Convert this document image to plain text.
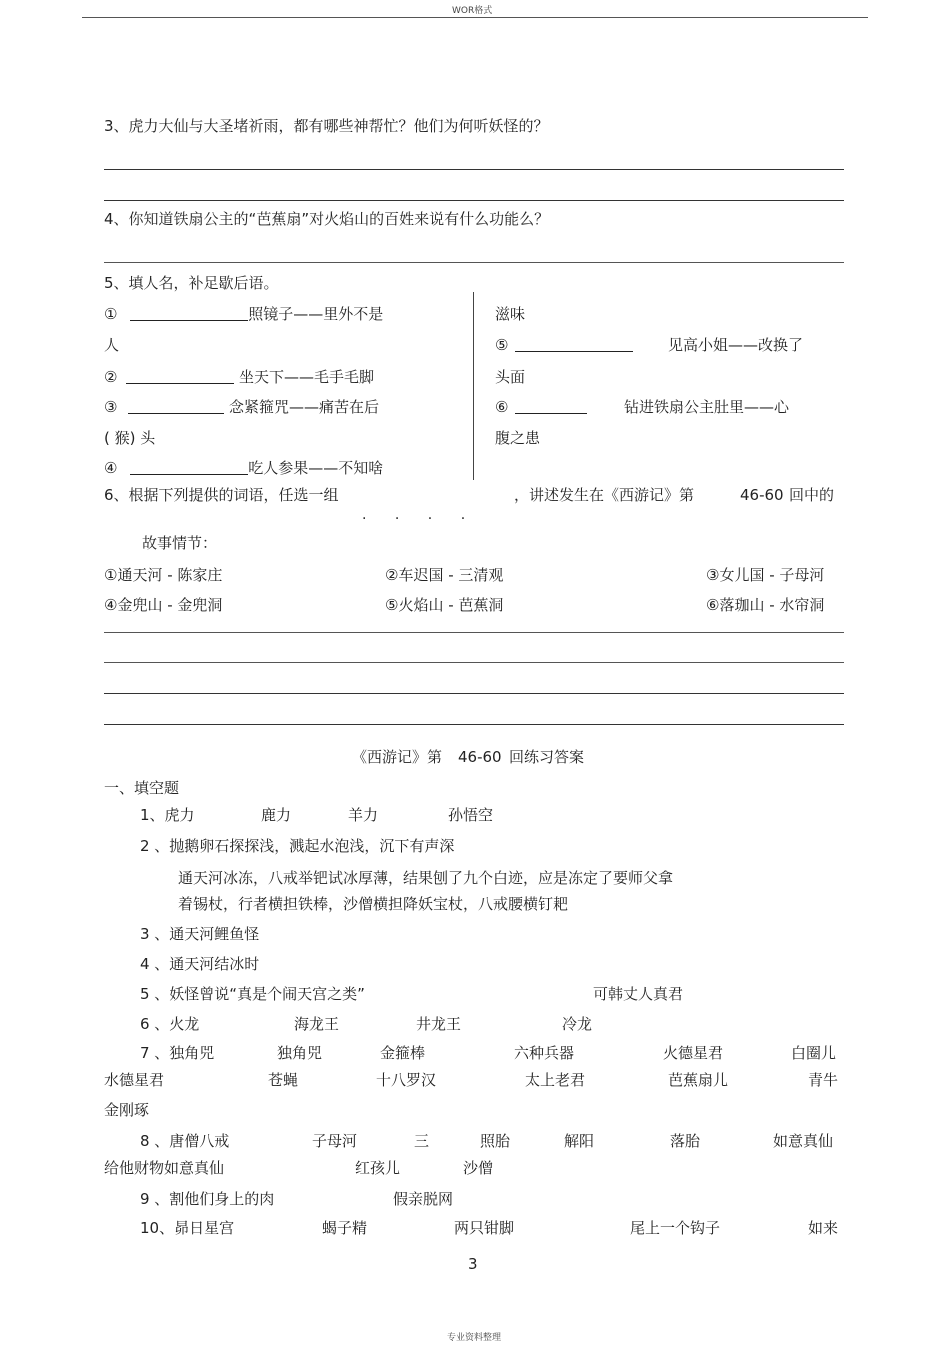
WOR格式
3、虎力大仙与大圣堵祈雨，都有哪些神帮忙？他们为何听妖怪的？
4、你知道铁扇公主的“芭蕉扇”对火焰山的百姓来说有什么功能么？
5、填人名，补足歇后语。
①	照镜子——里外不是
人
②	坐天下——毛手毛脚
③	念紧箍咒——痛苦在后
( 猴) 头
④	吃人参果——不知啥
滋味
⑤	见高小姐——改换了
头面
⑥	钻进铁扇公主肚里——心
腹之患
6、根据下列提供的词语，任选一组	，讲述发生在《西游记》第	46-60 回中的
· · · ·
故事情节：
①通天河 - 陈家庄	②车迟国 - 三清观	③女儿国 - 子母河
④金兜山 - 金兜洞	⑤火焰山 - 芭蕉洞	⑥落珈山 - 水帘洞
《西游记》第 46-60 回练习答案
一、填空题
1、虎力	鹿力	羊力	孙悟空
2 、抛鹅卵石探探浅，溅起水泡浅，沉下有声深
通天河冰冻，八戒举钯试冰厚薄，结果刨了九个白迹，应是冻定了要师父拿
着锡杖，行者横担铁棒，沙僧横担降妖宝杖，八戒腰横钉耙
3 、通天河鲤鱼怪
4 、通天河结冰时
5 、妖怪曾说“真是个闹天宫之类”	可韩丈人真君
6 、火龙	海龙王	井龙王	冷龙
7 、独角兕	独角兕	金箍棒	六种兵器	火德星君	白圈儿
水德星君	苍蝇	十八罗汉	太上老君	芭蕉扇儿	青牛
金刚琢
8 、唐僧八戒	子母河	三	照胎	解阳	落胎	如意真仙
给他财物如意真仙	红孩儿	沙僧
9 、割他们身上的肉	假亲脱网
10、昴日星宫	蝎子精	两只钳脚	尾上一个钩子	如来
3
专业资料整理
